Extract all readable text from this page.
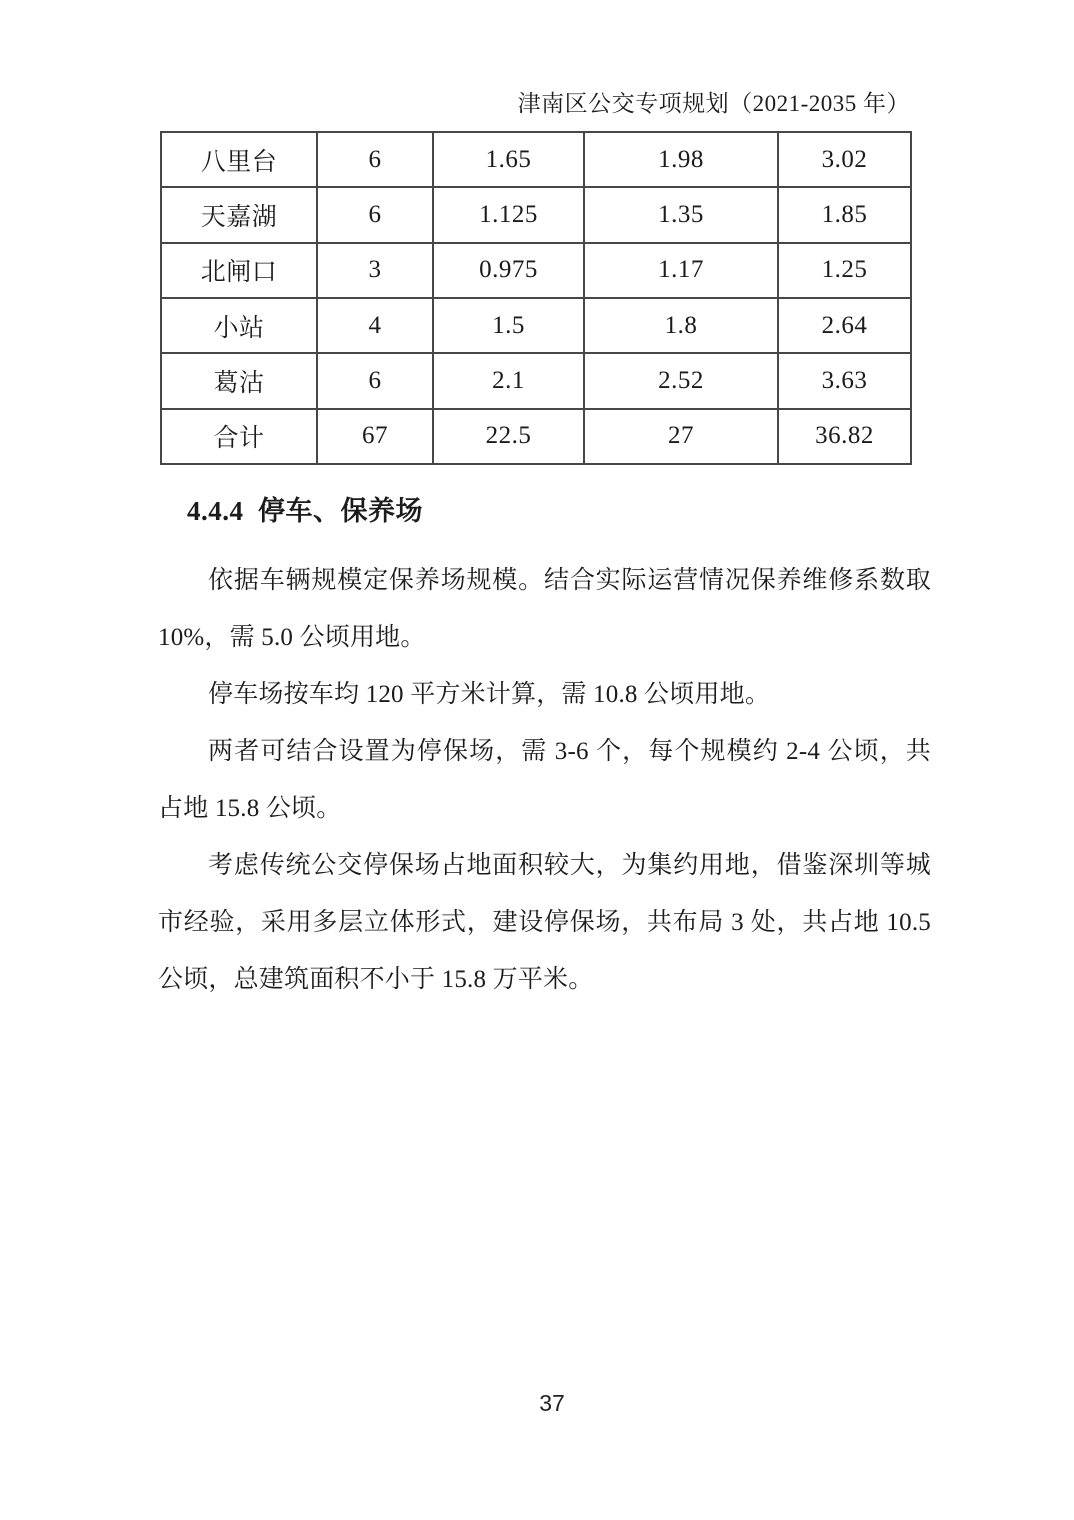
津南区公交专项规划（2021-2035 年）
八里台	6	1.65	1.98	3.02
天嘉湖	6	1.125	1.35	1.85
北闸口	3	0.975	1.17	1.25
小站	4	1.5	1.8	2.64
葛沽	6	2.1	2.52	3.63
合计	67	22.5	27	36.82
4.4.4  停车、保养场
依据车辆规模定保养场规模。结合实际运营情况保养维修系数取
10%，需 5.0 公顷用地。
停车场按车均 120 平方米计算，需 10.8 公顷用地。
两者可结合设置为停保场，需 3-6 个，每个规模约 2-4 公顷，共
占地 15.8 公顷。
考虑传统公交停保场占地面积较大，为集约用地，借鉴深圳等城
市经验，采用多层立体形式，建设停保场，共布局 3 处，共占地 10.5
公顷，总建筑面积不小于 15.8 万平米。
37
